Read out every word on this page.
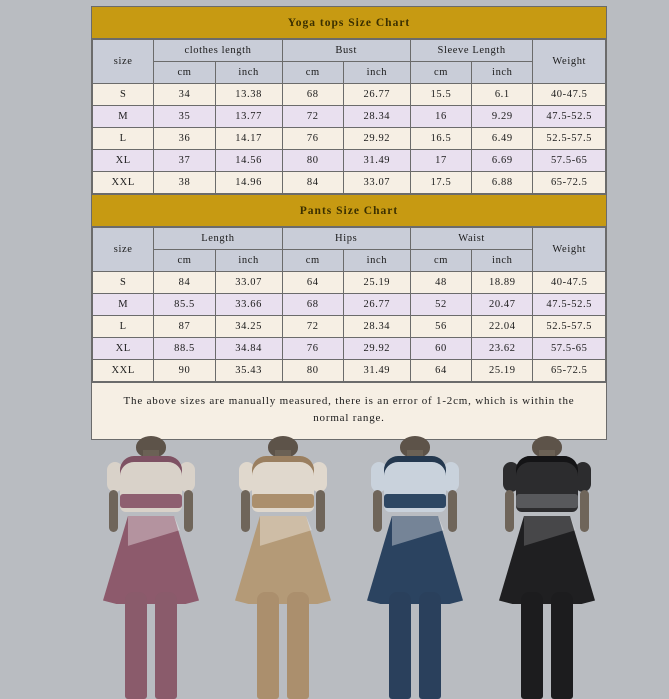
Yoga tops Size Chart
size	clothes length		Bust		Sleeve Length		Weight
	cm	inch	cm	inch	cm	inch	
S	34	13.38	68	26.77	15.5	6.1	40-47.5
M	35	13.77	72	28.34	16	9.29	47.5-52.5
L	36	14.17	76	29.92	16.5	6.49	52.5-57.5
XL	37	14.56	80	31.49	17	6.69	57.5-65
XXL	38	14.96	84	33.07	17.5	6.88	65-72.5
Pants Size Chart
size	Length		Hips		Waist		Weight
	cm	inch	cm	inch	cm	inch	
S	84	33.07	64	25.19	48	18.89	40-47.5
M	85.5	33.66	68	26.77	52	20.47	47.5-52.5
L	87	34.25	72	28.34	56	22.04	52.5-57.5
XL	88.5	34.84	76	29.92	60	23.62	57.5-65
XXL	90	35.43	80	31.49	64	25.19	65-72.5
The above sizes are manually measured, there is an error of 1-2cm, which is within the normal range.
